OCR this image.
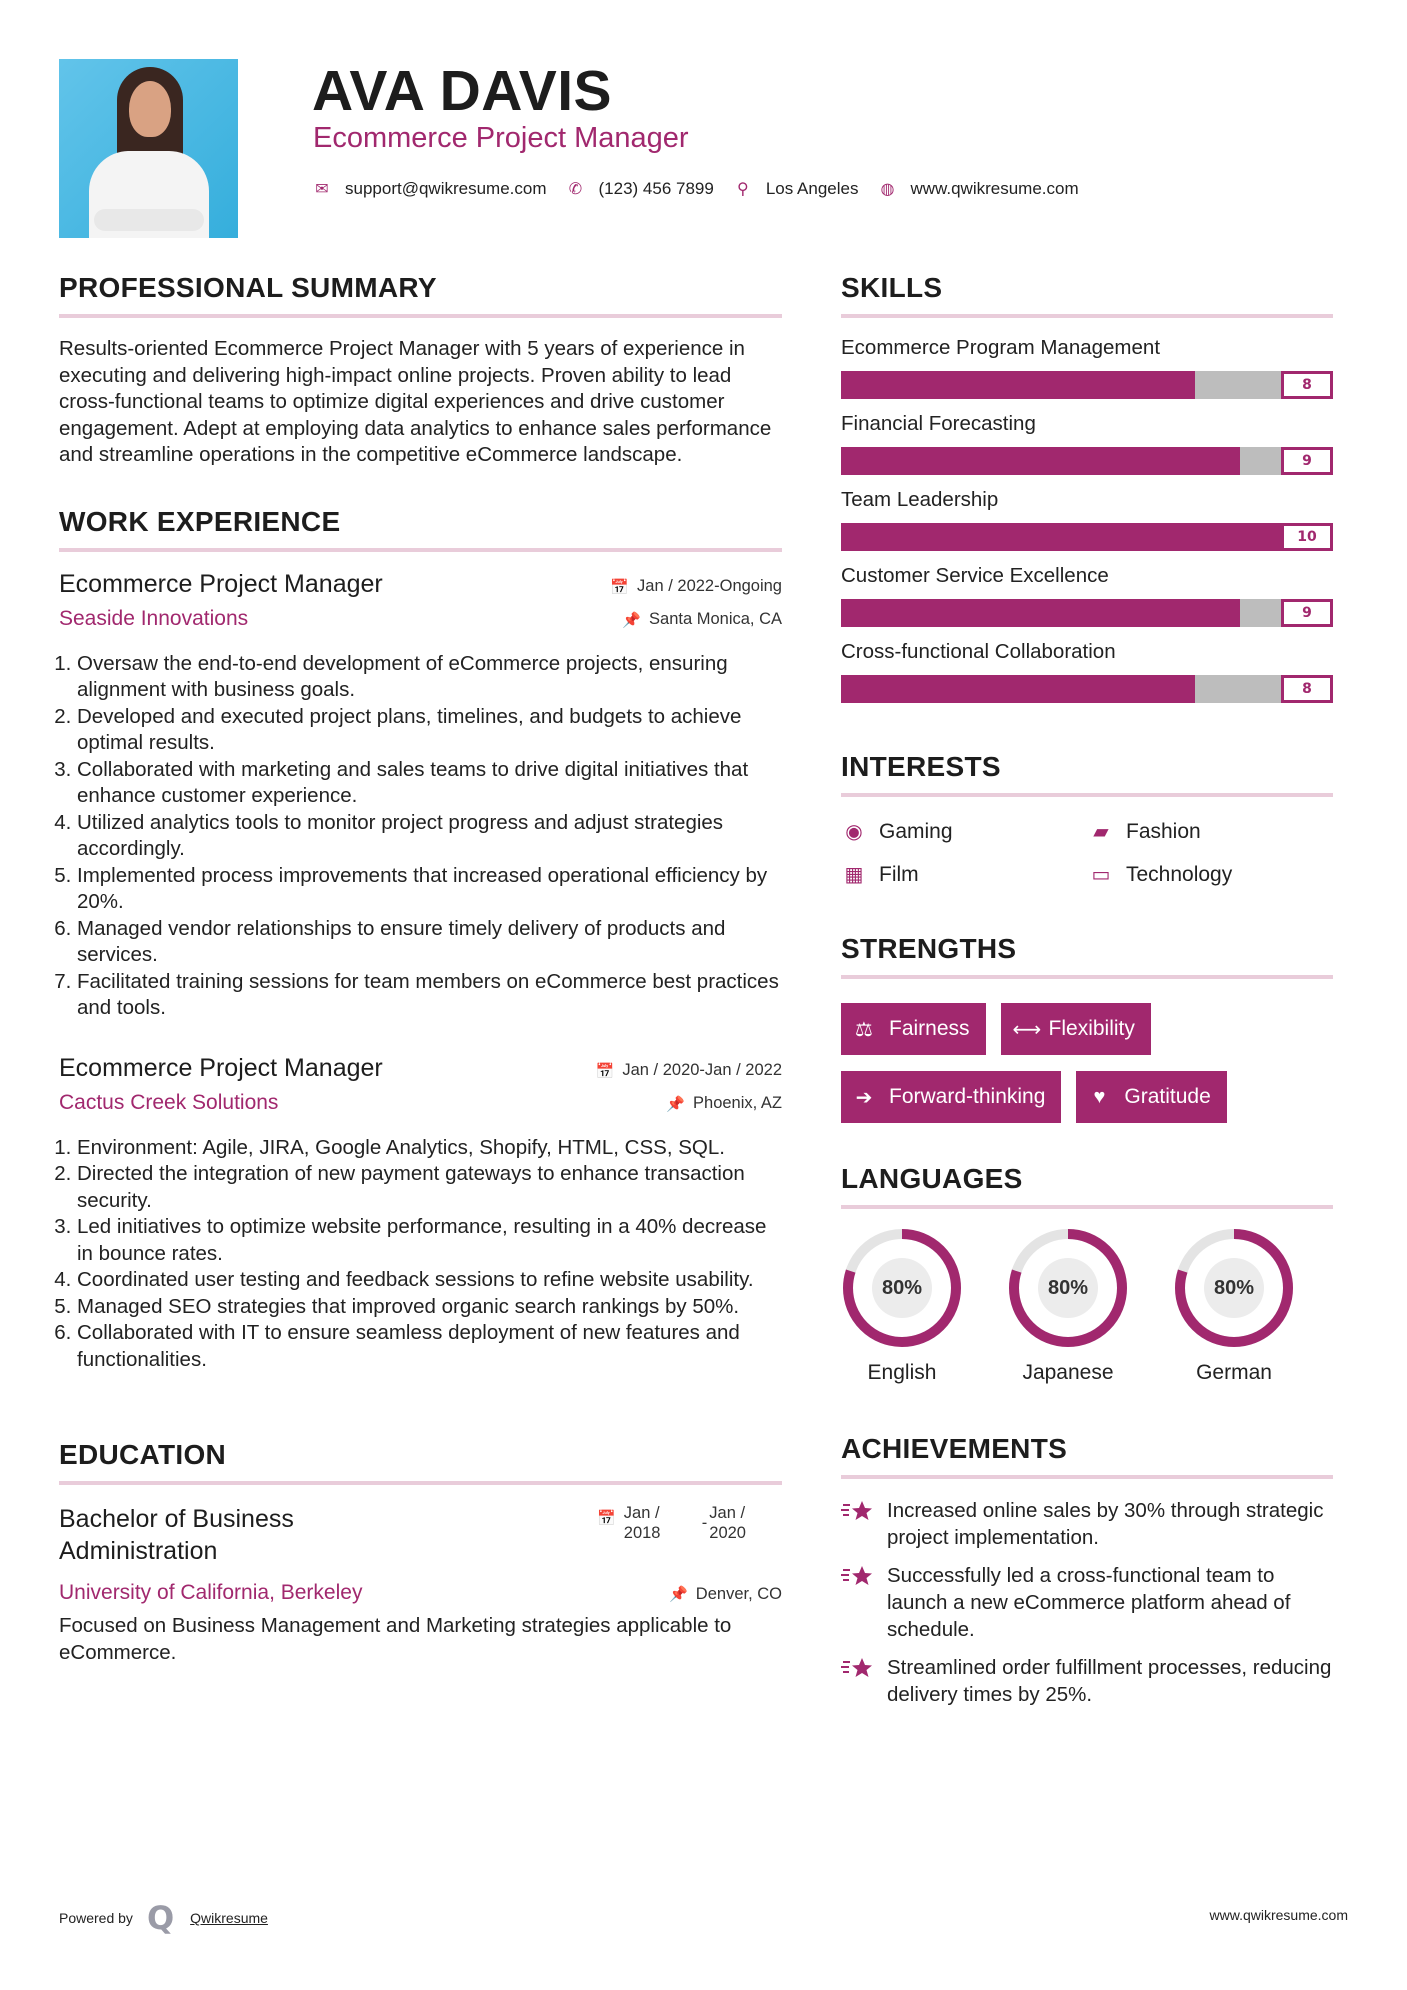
AVA DAVIS
Ecommerce Project Manager
✉ support@qwikresume.com ✆ (123) 456 7899 ⚲ Los Angeles ◍ www.qwikresume.com
PROFESSIONAL SUMMARY

Results-oriented Ecommerce Project Manager with 5 years of experience in executing and delivering high-impact online projects. Proven ability to lead cross-functional teams to optimize digital experiences and drive customer engagement. Adept at employing data analytics to enhance sales performance and streamline operations in the competitive eCommerce landscape.

WORK EXPERIENCE
Ecommerce Project Manager	📅 Jan / 2022-Ongoing
Seaside Innovations	📌 Santa Monica, CA
1. Oversaw the end-to-end development of eCommerce projects, ensuring alignment with business goals.
2. Developed and executed project plans, timelines, and budgets to achieve optimal results.
3. Collaborated with marketing and sales teams to drive digital initiatives that enhance customer experience.
4. Utilized analytics tools to monitor project progress and adjust strategies accordingly.
5. Implemented process improvements that increased operational efficiency by 20%.
6. Managed vendor relationships to ensure timely delivery of products and services.
7. Facilitated training sessions for team members on eCommerce best practices and tools.
Ecommerce Project Manager	📅 Jan / 2020-Jan / 2022
Cactus Creek Solutions	📌 Phoenix, AZ
1. Environment: Agile, JIRA, Google Analytics, Shopify, HTML, CSS, SQL.
2. Directed the integration of new payment gateways to enhance transaction security.
3. Led initiatives to optimize website performance, resulting in a 40% decrease in bounce rates.
4. Coordinated user testing and feedback sessions to refine website usability.
5. Managed SEO strategies that improved organic search rankings by 50%.
6. Collaborated with IT to ensure seamless deployment of new features and functionalities.
EDUCATION
Bachelor of Business
Administration
📅 Jan /
2018
-
Jan /
2020
University of California, Berkeley	📌 Denver, CO

Focused on Business Management and Marketing strategies applicable to eCommerce.

SKILLS
Ecommerce Program Management
8
Financial Forecasting
9
Team Leadership
10
Customer Service Excellence
9
Cross-functional Collaboration
8
INTERESTS
◉ Gaming	▰ Fashion
▦ Film	▭ Technology
STRENGTHS
⚖ Fairness ⟷ Flexibility
➔ Forward-thinking ♥ Gratitude
LANGUAGES
80%
English
80%
Japanese
80%
German
ACHIEVEMENTS
Increased online sales by 30% through strategic project implementation.
Successfully led a cross-functional team to launch a new eCommerce platform ahead of schedule.
Streamlined order fulfillment processes, reducing delivery times by 25%.
Powered by Q Qwikresume	www.qwikresume.com
